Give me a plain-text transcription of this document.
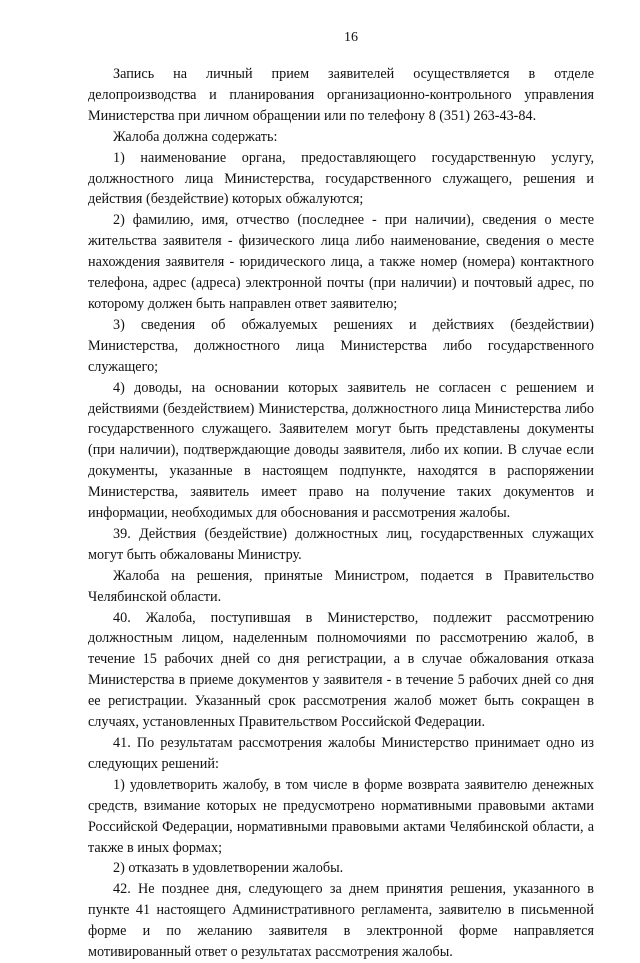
16

Запись на личный прием заявителей осуществляется в отделе делопроизводства и планирования организационно-контрольного управления Министерства при личном обращении или по телефону 8 (351) 263-43-84.

Жалоба должна содержать:

1) наименование органа, предоставляющего государственную услугу, должностного лица Министерства, государственного служащего, решения и действия (бездействие) которых обжалуются;

2) фамилию, имя, отчество (последнее - при наличии), сведения о месте жительства заявителя - физического лица либо наименование, сведения о месте нахождения заявителя - юридического лица, а также номер (номера) контактного телефона, адрес (адреса) электронной почты (при наличии) и почтовый адрес, по которому должен быть направлен ответ заявителю;

3) сведения об обжалуемых решениях и действиях (бездействии) Министерства, должностного лица Министерства либо государственного служащего;

4) доводы, на основании которых заявитель не согласен с решением и действиями (бездействием) Министерства, должностного лица Министерства либо государственного служащего. Заявителем могут быть представлены документы (при наличии), подтверждающие доводы заявителя, либо их копии. В случае если документы, указанные в настоящем подпункте, находятся в распоряжении Министерства, заявитель имеет право на получение таких документов и информации, необходимых для обоснования и рассмотрения жалобы.

39. Действия (бездействие) должностных лиц, государственных служащих могут быть обжалованы Министру.

Жалоба на решения, принятые Министром, подается в Правительство Челябинской области.

40. Жалоба, поступившая в Министерство, подлежит рассмотрению должностным лицом, наделенным полномочиями по рассмотрению жалоб, в течение 15 рабочих дней со дня регистрации, а в случае обжалования отказа Министерства в приеме документов у заявителя - в течение 5 рабочих дней со дня ее регистрации. Указанный срок рассмотрения жалоб может быть сокращен в случаях, установленных Правительством Российской Федерации.

41. По результатам рассмотрения жалобы Министерство принимает одно из следующих решений:

1) удовлетворить жалобу, в том числе в форме возврата заявителю денежных средств, взимание которых не предусмотрено нормативными правовыми актами Российской Федерации, нормативными правовыми актами Челябинской области, а также в иных формах;

2) отказать в удовлетворении жалобы.

42. Не позднее дня, следующего за днем принятия решения, указанного в пункте 41 настоящего Административного регламента, заявителю в письменной форме и по желанию заявителя в электронной форме направляется мотивированный ответ о результатах рассмотрения жалобы.
